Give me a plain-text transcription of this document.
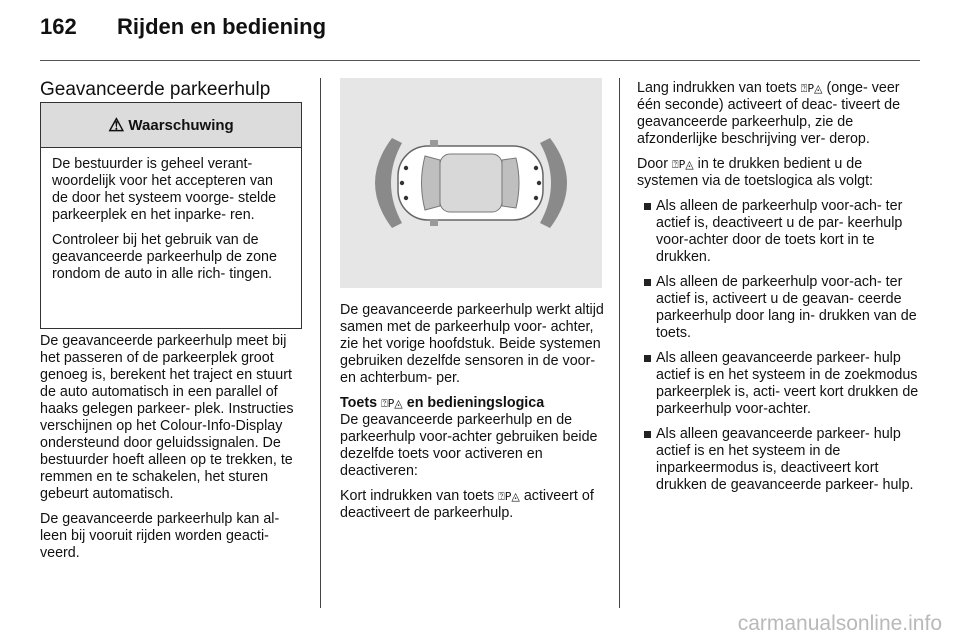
162 Rijden en bediening
Geavanceerde parkeerhulp
⚠ Waarschuwing

De bestuurder is geheel verant- woordelijk voor het accepteren van de door het systeem voorge- stelde parkeerplek en het inparke- ren.

Controleer bij het gebruik van de geavanceerde parkeerhulp de zone rondom de auto in alle rich- tingen.

De geavanceerde parkeerhulp meet bij het passeren of de parkeerplek groot genoeg is, berekent het traject en stuurt de auto automatisch in een parallel of haaks gelegen parkeer- plek. Instructies verschijnen op het Colour-Info-Display ondersteund door geluidssignalen. De bestuurder hoeft alleen op te trekken, te remmen en te schakelen, het sturen gebeurt automatisch.

De geavanceerde parkeerhulp kan al- leen bij vooruit rijden worden geacti- veerd.

De geavanceerde parkeerhulp werkt altijd samen met de parkeerhulp voor- achter, zie het vorige hoofdstuk. Beide systemen gebruiken dezelfde sensoren in de voor- en achterbum- per.

Toets ⍰P◬ en bedieningslogica

De geavanceerde parkeerhulp en de parkeerhulp voor-achter gebruiken beide dezelfde toets voor activeren en deactiveren:

Kort indrukken van toets ⍰P◬ activeert of deactiveert de parkeerhulp.

Lang indrukken van toets ⍰P◬ (onge- veer één seconde) activeert of deac- tiveert de geavanceerde parkeerhulp, zie de afzonderlijke beschrijving ver- derop.

Door ⍰P◬ in te drukken bedient u de systemen via de toetslogica als volgt:

Als alleen de parkeerhulp voor-ach- ter actief is, deactiveert u de par- keerhulp voor-achter door de toets kort in te drukken.

Als alleen de parkeerhulp voor-ach- ter actief is, activeert u de geavan- ceerde parkeerhulp door lang in- drukken van de toets.

Als alleen geavanceerde parkeer- hulp actief is en het systeem in de zoekmodus parkeerplek is, acti- veert kort drukken de parkeerhulp voor-achter.

Als alleen geavanceerde parkeer- hulp actief is en het systeem in de inparkeermodus is, deactiveert kort drukken de geavanceerde parkeer- hulp.

carmanualsonline.info
